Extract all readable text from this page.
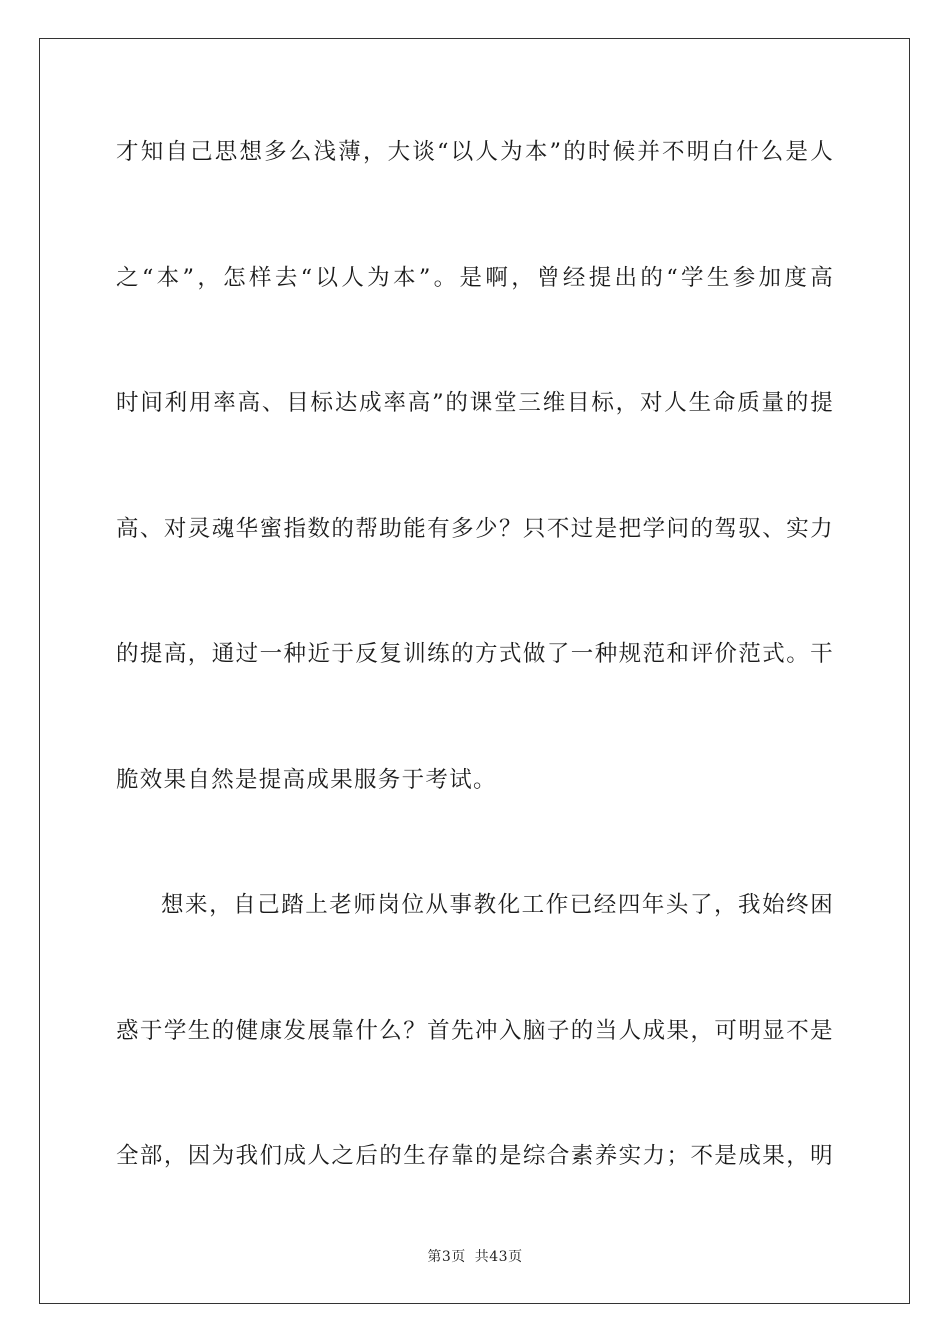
才知自己思想多么浅薄，大谈“以人为本”的时候并不明白什么是人
之“本”，怎样去“以人为本”。是啊，曾经提出的“学生参加度高
时间利用率高、目标达成率高”的课堂三维目标，对人生命质量的提
高、对灵魂华蜜指数的帮助能有多少？只不过是把学问的驾驭、实力
的提高，通过一种近于反复训练的方式做了一种规范和评价范式。干
脆效果自然是提高成果服务于考试。
想来，自己踏上老师岗位从事教化工作已经四年头了，我始终困
惑于学生的健康发展靠什么？首先冲入脑子的当人成果，可明显不是
全部，因为我们成人之后的生存靠的是综合素养实力；不是成果，明
第3页 共43页
